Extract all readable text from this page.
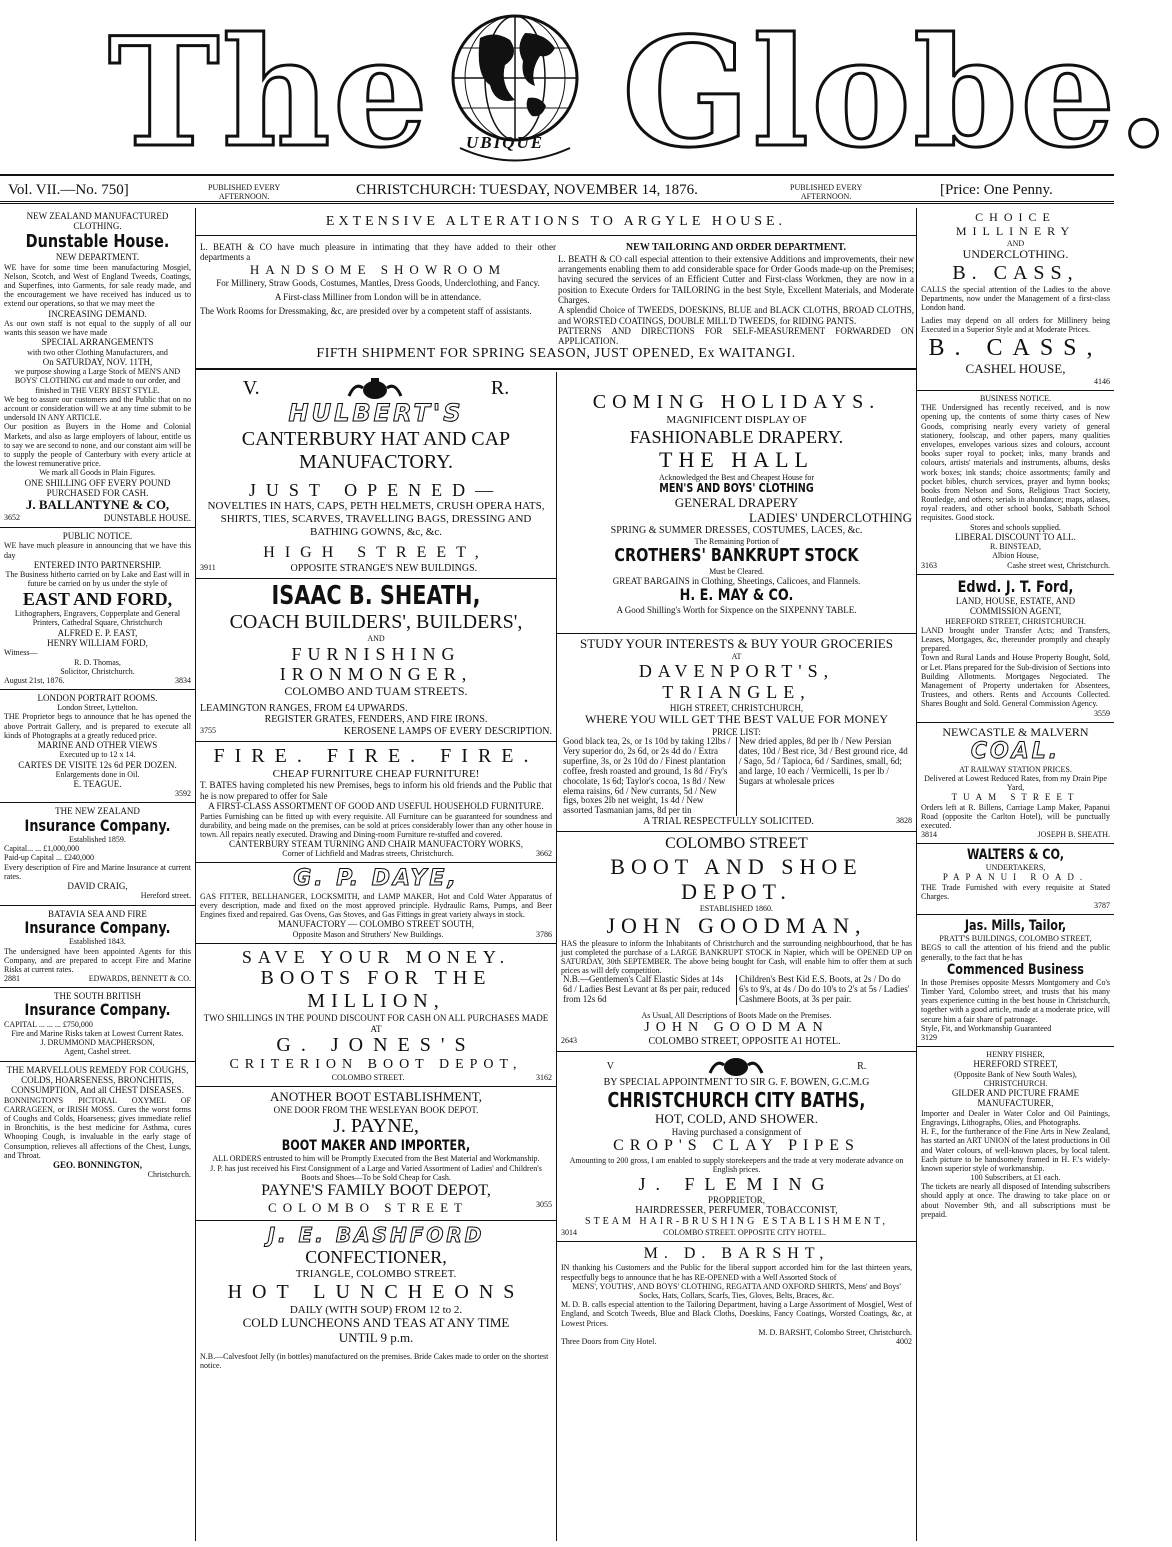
The UBIQUE Globe.
Vol. VII.—No. 750]	PUBLISHED EVERY
AFTERNOON.	CHRISTCHURCH: TUESDAY, NOVEMBER 14, 1876.	PUBLISHED EVERY
AFTERNOON.	[Price: One Penny.
NEW ZEALAND MANUFACTURED CLOTHING.
Dunstable House.
NEW DEPARTMENT.
WE have for some time been manufacturing Mosgiel, Nelson, Scotch, and West of England Tweeds, Coatings, and Superfines, into Garments, for sale ready made, and the encouragement we have received has induced us to extend our operations, so that we may meet the
INCREASING DEMAND.
As our own staff is not equal to the supply of all our wants this season we have made
SPECIAL ARRANGEMENTS
with two other Clothing Manufacturers, and
On SATURDAY, NOV. 11TH,
we purpose showing a Large Stock of MEN'S AND BOYS' CLOTHING cut and made to our order, and finished in THE VERY BEST STYLE.
We beg to assure our customers and the Public that on no account or consideration will we at any time submit to be undersold IN ANY ARTICLE.
Our position as Buyers in the Home and Colonial Markets, and also as large employers of labour, entitle us to say we are second to none, and our constant aim will be to supply the people of Canterbury with every article at the lowest remunerative price.
We mark all Goods in Plain Figures.
ONE SHILLING OFF EVERY POUND PURCHASED FOR CASH.
J. BALLANTYNE & CO,
3652	DUNSTABLE HOUSE.
PUBLIC NOTICE.
WE have much pleasure in announcing that we have this day
ENTERED INTO PARTNERSHIP.
The Business hitherto carried on by Lake and East will in future be carried on by us under the style of
EAST AND FORD,
Lithographers, Engravers, Copperplate and General Printers, Cathedral Square, Christchurch
ALFRED E. P. EAST,
HENRY WILLIAM FORD,
Witness—
R. D. Thomas,
Solicitor, Christchurch.
August 21st, 1876.	3834
LONDON PORTRAIT ROOMS.
London Street, Lyttelton.
THE Proprietor begs to announce that he has opened the above Portrait Gallery, and is prepared to execute all kinds of Photographs at a greatly reduced price.
MARINE AND OTHER VIEWS
Executed up to 12 x 14.
CARTES DE VISITE 12s 6d PER DOZEN.
Enlargements done in Oil.
E. TEAGUE.
3592
THE NEW ZEALAND
Insurance Company.
Established 1859.
Capital... ... £1,000,000
Paid-up Capital ... £240,000
Every description of Fire and Marine Insurance at current rates.
DAVID CRAIG,
Hereford street.
BATAVIA SEA AND FIRE
Insurance Company.
Established 1843.
The undersigned have been appointed Agents for this Company, and are prepared to accept Fire and Marine Risks at current rates.
2881	EDWARDS, BENNETT & CO.
THE SOUTH BRITISH
Insurance Company.
CAPITAL ... ... ... £750,000
Fire and Marine Risks taken at Lowest Current Rates.
J. DRUMMOND MACPHERSON,
Agent, Cashel street.
THE MARVELLOUS REMEDY FOR COUGHS, COLDS, HOARSENESS, BRONCHITIS, CONSUMPTION, And all CHEST DISEASES.
BONNINGTON'S PICTORAL OXYMEL OF CARRAGEEN, or IRISH MOSS. Cures the worst forms of Coughs and Colds, Hoarseness; gives immediate relief in Bronchitis, is the best medicine for Asthma, cures Whooping Cough, is invaluable in the early stage of Consumption, relieves all affections of the Chest, Lungs, and Throat.
GEO. BONNINGTON,
Christchurch.
EXTENSIVE ALTERATIONS TO ARGYLE HOUSE.
L. BEATH & CO have much pleasure in intimating that they have added to their other departments a
HANDSOME SHOWROOM
For Millinery, Straw Goods, Costumes, Mantles, Dress Goods, Underclothing, and Fancy.
A First-class Milliner from London will be in attendance.
The Work Rooms for Dressmaking, &c, are presided over by a competent staff of assistants.
NEW TAILORING AND ORDER DEPARTMENT.
L. BEATH & CO call especial attention to their extensive Additions and improvements, their new arrangements enabling them to add considerable space for Order Goods made-up on the Premises; having secured the services of an Efficient Cutter and First-class Workmen, they are now in a position to Execute Orders for TAILORING in the best Style, Excellent Materials, and Moderate Charges.
A splendid Choice of TWEEDS, DOESKINS, BLUE and BLACK CLOTHS, BROAD CLOTHS, and WORSTED COATINGS, DOUBLE MILL'D TWEEDS, for RIDING PANTS.
PATTERNS AND DIRECTIONS FOR SELF-MEASUREMENT FORWARDED ON APPLICATION.
FIFTH SHIPMENT FOR SPRING SEASON, JUST OPENED, Ex WAITANGI.
V.	R.
HULBERT'S
CANTERBURY HAT AND CAP
MANUFACTORY.
JUST OPENED—
NOVELTIES IN HATS, CAPS, PETH HELMETS, CRUSH OPERA HATS, SHIRTS, TIES, SCARVES, TRAVELLING BAGS, DRESSING AND BATHING GOWNS, &c, &c.
HIGH STREET,
3911	OPPOSITE STRANGE'S NEW BUILDINGS.
ISAAC B. SHEATH,
COACH BUILDERS', BUILDERS',
AND
FURNISHING IRONMONGER,
COLOMBO AND TUAM STREETS.
LEAMINGTON RANGES, FROM £4 UPWARDS.
REGISTER GRATES, FENDERS, AND FIRE IRONS.
3755	KEROSENE LAMPS OF EVERY DESCRIPTION.
FIRE. FIRE. FIRE.
CHEAP FURNITURE CHEAP FURNITURE!
T. BATES having completed his new Premises, begs to inform his old friends and the Public that he is now prepared to offer for Sale
A FIRST-CLASS ASSORTMENT OF GOOD AND USEFUL HOUSEHOLD FURNITURE.
Parties Furnishing can be fitted up with every requisite. All Furniture can be guaranteed for soundness and durability, and being made on the premises, can be sold at prices considerably lower than any other house in town. All repairs neatly executed. Drawing and Dining-room Furniture re-stuffed and covered.
CANTERBURY STEAM TURNING AND CHAIR MANUFACTORY WORKS,
Corner of Lichfield and Madras streets, Christchurch.	3662
G. P. DAYE,
GAS FITTER, BELLHANGER, LOCKSMITH, and LAMP MAKER, Hot and Cold Water Apparatus of every description, made and fixed on the most approved principle. Hydraulic Rams, Pumps, and Beer Engines fixed and repaired. Gas Ovens, Gas Stoves, and Gas Fittings in great variety always in stock.
MANUFACTORY — COLOMBO STREET SOUTH,
Opposite Mason and Struthers' New Buildings.	3786
SAVE YOUR MONEY.
BOOTS FOR THE MILLION,
TWO SHILLINGS IN THE POUND DISCOUNT FOR CASH ON ALL PURCHASES MADE AT
G. JONES'S
CRITERION BOOT DEPOT,
COLOMBO STREET.	3162
ANOTHER BOOT ESTABLISHMENT,
ONE DOOR FROM THE WESLEYAN BOOK DEPOT.
J. PAYNE,
BOOT MAKER AND IMPORTER,
ALL ORDERS entrusted to him will be Promptly Executed from the Best Material and Workmanship.
J. P. has just received his First Consignment of a Large and Varied Assortment of Ladies' and Children's Boots and Shoes—To be Sold Cheap for Cash.
PAYNE'S FAMILY BOOT DEPOT,
COLOMBO STREET	3055
J. E. BASHFORD
CONFECTIONER,
TRIANGLE, COLOMBO STREET.
HOT LUNCHEONS
DAILY (WITH SOUP) FROM 12 to 2.
COLD LUNCHEONS AND TEAS AT ANY TIME
UNTIL 9 p.m.
N.B.—Calvesfoot Jelly (in bottles) manufactured on the premises. Bride Cakes made to order on the shortest notice.
COMING HOLIDAYS.
MAGNIFICENT DISPLAY OF
FASHIONABLE DRAPERY.
THE HALL
Acknowledged the Best and Cheapest House for
MEN'S AND BOYS' CLOTHING
GENERAL DRAPERY
LADIES' UNDERCLOTHING
SPRING & SUMMER DRESSES, COSTUMES, LACES, &c.
The Remaining Portion of
CROTHERS' BANKRUPT STOCK
Must be Cleared.
GREAT BARGAINS in Clothing, Sheetings, Calicoes, and Flannels.
H. E. MAY & CO.
A Good Shilling's Worth for Sixpence on the SIXPENNY TABLE.
STUDY YOUR INTERESTS & BUY YOUR GROCERIES
AT
DAVENPORT'S, TRIANGLE,
HIGH STREET, CHRISTCHURCH,
WHERE YOU WILL GET THE BEST VALUE FOR MONEY
PRICE LIST:
Good black tea, 2s, or 1s 10d by taking 12lbs / Very superior do, 2s 6d, or 2s 4d do / Extra superfine, 3s, or 2s 10d do / Finest plantation coffee, fresh roasted and ground, 1s 8d / Fry's chocolate, 1s 6d; Taylor's cocoa, 1s 8d / New elema raisins, 6d / New currants, 5d / New figs, boxes 2lb net weight, 1s 4d / New assorted Tasmanian jams, 8d per tin
New dried apples, 8d per lb / New Persian dates, 10d / Best rice, 3d / Best ground rice, 4d / Sago, 5d / Tapioca, 6d / Sardines, small, 6d; and large, 10 each / Vermicelli, 1s per lb / Sugars at wholesale prices
A TRIAL RESPECTFULLY SOLICITED.	3828
COLOMBO STREET
BOOT AND SHOE DEPOT.
ESTABLISHED 1860.
JOHN GOODMAN,
HAS the pleasure to inform the Inhabitants of Christchurch and the surrounding neighbourhood, that he has just completed the purchase of a LARGE BANKRUPT STOCK in Napier, which will be OPENED UP on SATURDAY, 30th SEPTEMBER. The above being bought for Cash, will enable him to offer them at such prices as will defy competition.
N.B.—Gentlemen's Calf Elastic Sides at 14s 6d / Ladies Best Levant at 8s per pair, reduced from 12s 6d
Children's Best Kid E.S. Boots, at 2s / Do do 6's to 9's, at 4s / Do do 10's to 2's at 5s / Ladies' Cashmere Boots, at 3s per pair.
As Usual, All Descriptions of Boots Made on the Premises.
JOHN GOODMAN
2643	COLOMBO STREET, OPPOSITE A1 HOTEL.
V	R.
BY SPECIAL APPOINTMENT TO SIR G. F. BOWEN, G.C.M.G
CHRISTCHURCH CITY BATHS,
HOT, COLD, AND SHOWER.
Having purchased a consignment of
CROP'S CLAY PIPES
Amounting to 200 gross, I am enabled to supply storekeepers and the trade at very moderate advance on English prices.
J. FLEMING
PROPRIETOR,
HAIRDRESSER, PERFUMER, TOBACCONIST,
STEAM HAIR-BRUSHING ESTABLISHMENT,
3014	COLOMBO STREET. OPPOSITE CITY HOTEL.
M. D. BARSHT,
IN thanking his Customers and the Public for the liberal support accorded him for the last thirteen years, respectfully begs to announce that he has RE-OPENED with a Well Assorted Stock of
MENS', YOUTHS', AND BOYS' CLOTHING, REGATTA AND OXFORD SHIRTS, Mens' and Boys' Socks, Hats, Collars, Scarfs, Ties, Gloves, Belts, Braces, &c.
M. D. B. calls especial attention to the Tailoring Department, having a Large Assortment of Mosgiel, West of England, and Scotch Tweeds, Blue and Black Cloths, Doeskins, Fancy Coatings, Worsted Coatings, &c, at Lowest Prices.
M. D. BARSHT, Colombo Street, Christchurch.
Three Doors from City Hotel.	4002
CHOICE MILLINERY
AND
UNDERCLOTHING.
B. CASS,
CALLS the special attention of the Ladies to the above Departments, now under the Management of a first-class London hand.
Ladies may depend on all orders for Millinery being Executed in a Superior Style and at Moderate Prices.
B. CASS,
CASHEL HOUSE,
4146
BUSINESS NOTICE.
THE Undersigned has recently received, and is now opening up, the contents of some thirty cases of New Goods, comprising nearly every variety of general stationery, foolscap, and other papers, many qualities envelopes, envelopes various sizes and colours, account books super royal to pocket; inks, many brands and colours, artists' materials and instruments, albums, desks work boxes; ink stands; choice assortments; family and pocket bibles, church services, prayer and hymn books; books from Nelson and Sons, Religious Tract Society, Routledge, and others; serials in abundance; maps, atlases, royal readers, and other school books, Sabbath School requisites. Good stock.
Stores and schools supplied.
LIBERAL DISCOUNT TO ALL.
R. BINSTEAD,
Albion House,
3163	Cashe street west, Christchurch.
Edwd. J. T. Ford,
LAND, HOUSE, ESTATE, AND
COMMISSION AGENT,
HEREFORD STREET, CHRISTCHURCH.
LAND brought under Transfer Acts; and Transfers, Leases, Mortgages, &c, thereunder promptly and cheaply prepared.
Town and Rural Lands and House Property Bought, Sold, or Let. Plans prepared for the Sub-division of Sections into Building Allotments. Mortgages Negociated. The Management of Property undertaken for Absentees, Trustees, and others. Rents and Accounts Collected. Shares Bought and Sold. General Commission Agency.
3559
NEWCASTLE & MALVERN
COAL.
AT RAILWAY STATION PRICES.
Delivered at Lowest Reduced Rates, from my Drain Pipe Yard,
TUAM STREET
Orders left at R. Billens, Carriage Lamp Maker, Papanui Road (opposite the Carlton Hotel), will be punctually executed.
3814	JOSEPH B. SHEATH.
WALTERS & CO,
UNDERTAKERS,
PAPANUI ROAD.
THE Trade Furnished with every requisite at Stated Charges.
3787
Jas. Mills, Tailor,
PRATT'S BUILDINGS, COLOMBO STREET,
BEGS to call the attention of his friend and the public generally, to the fact that he has
Commenced Business
In those Premises opposite Messrs Montgomery and Co's Timber Yard, Colombo street, and trusts that his many years experience cutting in the best house in Christchurch, together with a good article, made at a moderate price, will secure him a fair share of patronage.
Style, Fit, and Workmanship Guaranteed
3129
HENRY FISHER,
HEREFORD STREET,
(Opposite Bank of New South Wales),
CHRISTCHURCH.
GILDER AND PICTURE FRAME MANUFACTURER,
Importer and Dealer in Water Color and Oil Paintings, Engravings, Lithographs, Olies, and Photographs.
H. F., for the furtherance of the Fine Arts in New Zealand, has started an ART UNION of the latest productions in Oil and Water colours, of well-known places, by local talent. Each picture to be handsomely framed in H. F.'s widely-known superior style of workmanship.
100 Subscribers, at £1 each.
The tickets are nearly all disposed of Intending subscribers should apply at once. The drawing to take place on or about November 9th, and all subscriptions must be prepaid.
